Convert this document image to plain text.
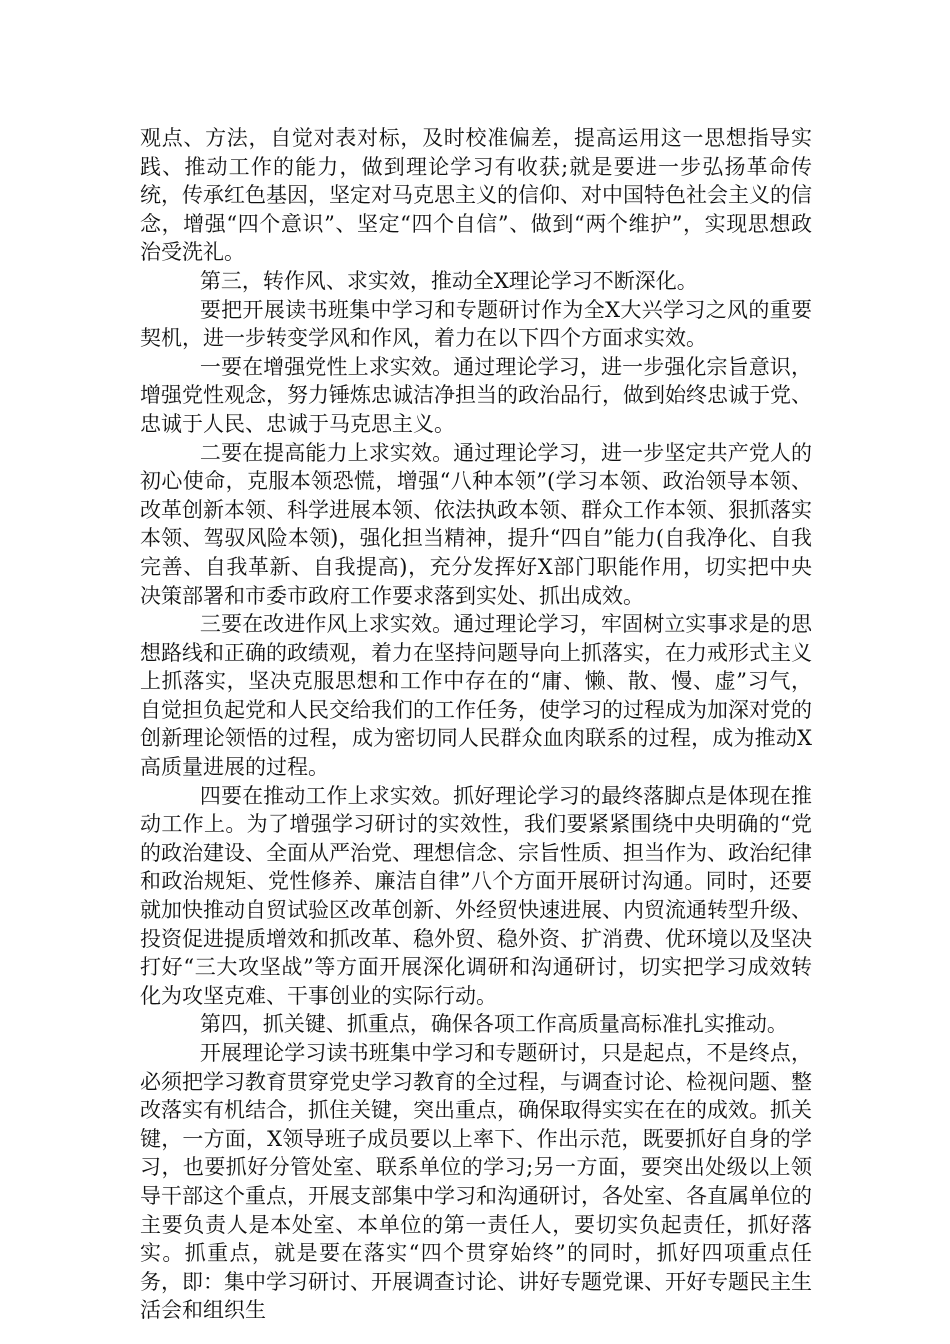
观点、方法，自觉对表对标，及时校准偏差，提高运用这一思想指导实践、推动工作的能力，做到理论学习有收获;就是要进一步弘扬革命传统，传承红色基因，坚定对马克思主义的信仰、对中国特色社会主义的信念，增强“四个意识”、坚定“四个自信”、做到“两个维护”，实现思想政治受洗礼。

第三，转作风、求实效，推动全X理论学习不断深化。

要把开展读书班集中学习和专题研讨作为全X大兴学习之风的重要契机，进一步转变学风和作风，着力在以下四个方面求实效。

一要在增强党性上求实效。通过理论学习，进一步强化宗旨意识，增强党性观念，努力锤炼忠诚洁净担当的政治品行，做到始终忠诚于党、忠诚于人民、忠诚于马克思主义。

二要在提高能力上求实效。通过理论学习，进一步坚定共产党人的初心使命，克服本领恐慌，增强“八种本领”(学习本领、政治领导本领、改革创新本领、科学进展本领、依法执政本领、群众工作本领、狠抓落实本领、驾驭风险本领)，强化担当精神，提升“四自”能力(自我净化、自我完善、自我革新、自我提高)，充分发挥好X部门职能作用，切实把中央决策部署和市委市政府工作要求落到实处、抓出成效。

三要在改进作风上求实效。通过理论学习，牢固树立实事求是的思想路线和正确的政绩观，着力在坚持问题导向上抓落实，在力戒形式主义上抓落实，坚决克服思想和工作中存在的“庸、懒、散、慢、虚”习气，自觉担负起党和人民交给我们的工作任务，使学习的过程成为加深对党的创新理论领悟的过程，成为密切同人民群众血肉联系的过程，成为推动X高质量进展的过程。

四要在推动工作上求实效。抓好理论学习的最终落脚点是体现在推动工作上。为了增强学习研讨的实效性，我们要紧紧围绕中央明确的“党的政治建设、全面从严治党、理想信念、宗旨性质、担当作为、政治纪律和政治规矩、党性修养、廉洁自律”八个方面开展研讨沟通。同时，还要就加快推动自贸试验区改革创新、外经贸快速进展、内贸流通转型升级、投资促进提质增效和抓改革、稳外贸、稳外资、扩消费、优环境以及坚决打好“三大攻坚战”等方面开展深化调研和沟通研讨，切实把学习成效转化为攻坚克难、干事创业的实际行动。

第四，抓关键、抓重点，确保各项工作高质量高标准扎实推动。

开展理论学习读书班集中学习和专题研讨，只是起点，不是终点，必须把学习教育贯穿党史学习教育的全过程，与调查讨论、检视问题、整改落实有机结合，抓住关键，突出重点，确保取得实实在在的成效。抓关键，一方面，X领导班子成员要以上率下、作出示范，既要抓好自身的学习，也要抓好分管处室、联系单位的学习;另一方面，要突出处级以上领导干部这个重点，开展支部集中学习和沟通研讨，各处室、各直属单位的主要负责人是本处室、本单位的第一责任人，要切实负起责任，抓好落实。抓重点，就是要在落实“四个贯穿始终”的同时，抓好四项重点任务，即：集中学习研讨、开展调查讨论、讲好专题党课、开好专题民主生活会和组织生
